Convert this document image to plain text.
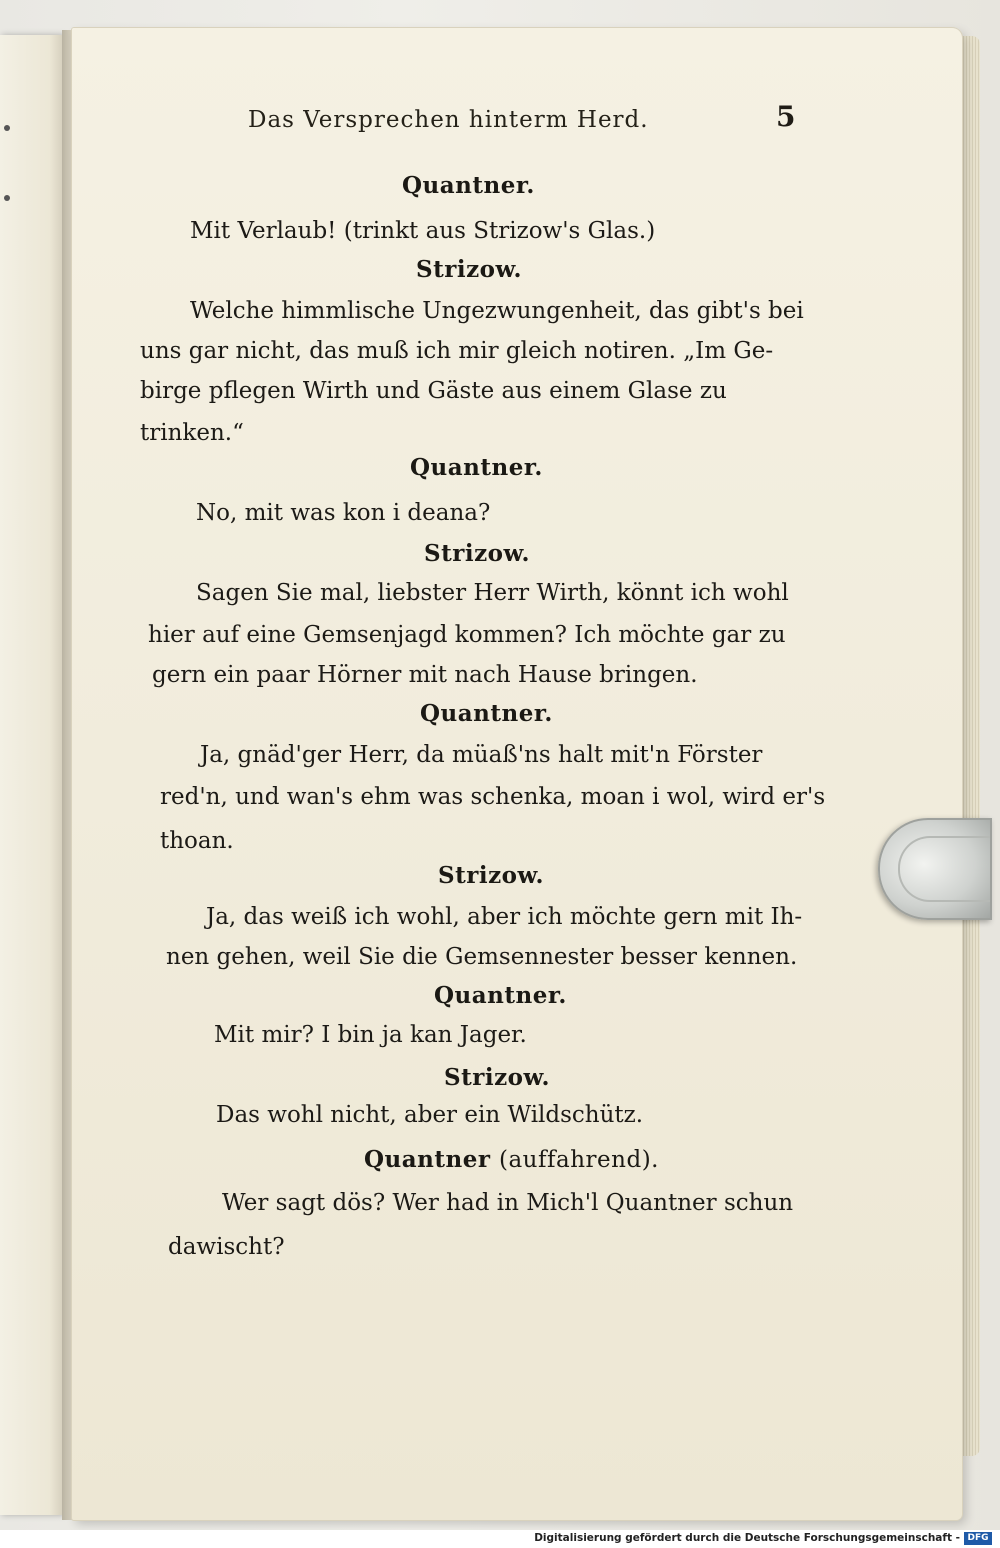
Das Versprechen hinterm Herd.	5
Quantner.
Mit Verlaub! (trinkt aus Strizow's Glas.)
Strizow.
Welche himmlische Ungezwungenheit, das gibt's bei
uns gar nicht, das muß ich mir gleich notiren. „Im Ge-
birge pflegen Wirth und Gäste aus einem Glase zu
trinken.“
Quantner.
No, mit was kon i deana?
Strizow.
Sagen Sie mal, liebster Herr Wirth, könnt ich wohl
hier auf eine Gemsenjagd kommen? Ich möchte gar zu
gern ein paar Hörner mit nach Hause bringen.
Quantner.
Ja, gnäd'ger Herr, da müaß'ns halt mit'n Förster
red'n, und wan's ehm was schenka, moan i wol, wird er's
thoan.
Strizow.
Ja, das weiß ich wohl, aber ich möchte gern mit Ih-
nen gehen, weil Sie die Gemsennester besser kennen.
Quantner.
Mit mir? I bin ja kan Jager.
Strizow.
Das wohl nicht, aber ein Wildschütz.
Quantner (auffahrend).
Wer sagt dös? Wer had in Mich'l Quantner schun
dawischt?
Digitalisierung gefördert durch die Deutsche Forschungsgemeinschaft - DFG
